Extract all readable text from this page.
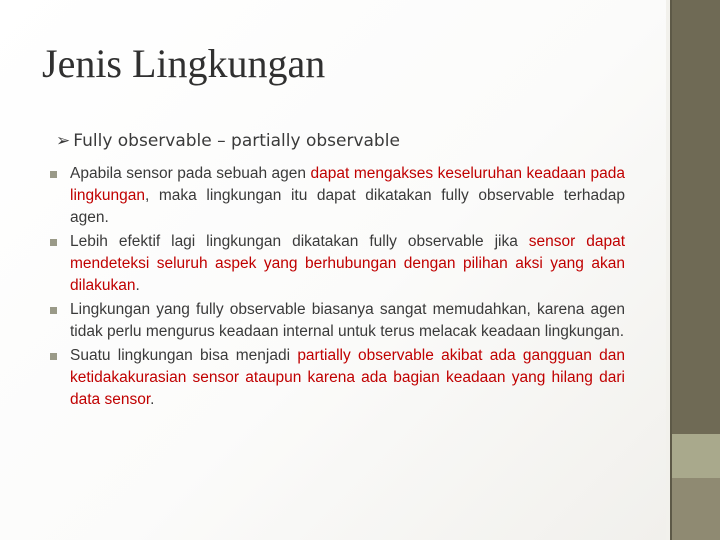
Jenis Lingkungan
➢ Fully observable – partially observable
Apabila sensor pada sebuah agen dapat mengakses keseluruhan keadaan pada lingkungan, maka lingkungan itu dapat dikatakan fully observable terhadap agen.
Lebih efektif lagi lingkungan dikatakan fully observable jika sensor dapat mendeteksi seluruh aspek yang berhubungan dengan pilihan aksi yang akan dilakukan.
Lingkungan yang fully observable biasanya sangat memudahkan, karena agen tidak perlu mengurus keadaan internal untuk terus melacak keadaan lingkungan.
Suatu lingkungan bisa menjadi partially observable akibat ada gangguan dan ketidakakurasian sensor ataupun karena ada bagian keadaan yang hilang dari data sensor.
